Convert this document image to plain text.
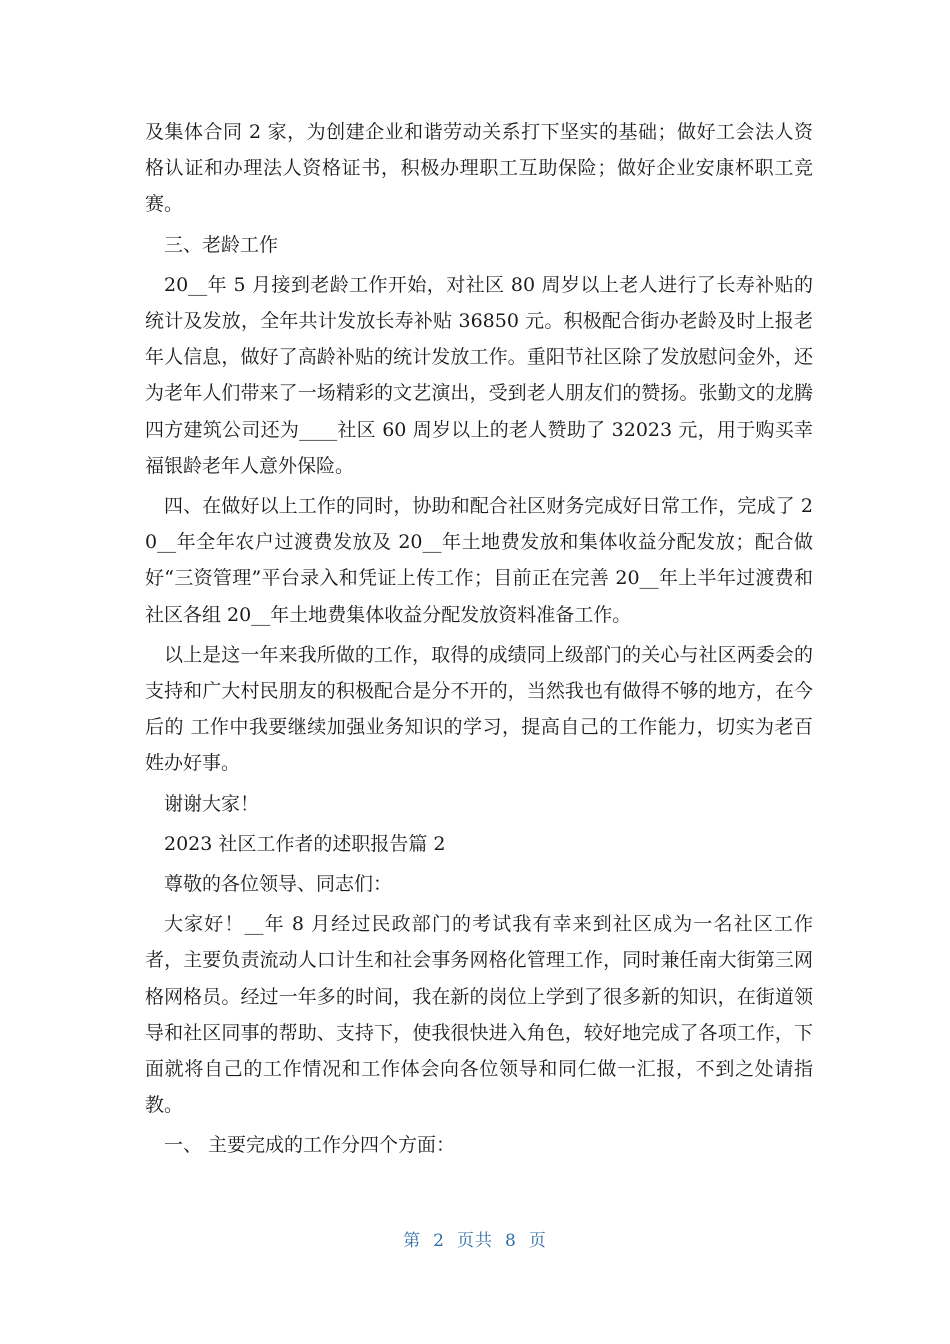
及集体合同 2 家，为创建企业和谐劳动关系打下坚实的基础；做好工会法人资格认证和办理法人资格证书，积极办理职工互助保险；做好企业安康杯职工竞赛。

三、老龄工作

20__年 5 月接到老龄工作开始，对社区 80 周岁以上老人进行了长寿补贴的统计及发放，全年共计发放长寿补贴 36850 元。积极配合街办老龄及时上报老年人信息，做好了高龄补贴的统计发放工作。重阳节社区除了发放慰问金外，还为老年人们带来了一场精彩的文艺演出，受到老人朋友们的赞扬。张勤文的龙腾四方建筑公司还为____社区 60 周岁以上的老人赞助了 32023 元，用于购买幸福银龄老年人意外保险。

四、在做好以上工作的同时，协助和配合社区财务完成好日常工作，完成了 20__年全年农户过渡费发放及 20__年土地费发放和集体收益分配发放；配合做好“三资管理”平台录入和凭证上传工作；目前正在完善 20__年上半年过渡费和社区各组 20__年土地费集体收益分配发放资料准备工作。

以上是这一年来我所做的工作，取得的成绩同上级部门的关心与社区两委会的支持和广大村民朋友的积极配合是分不开的，当然我也有做得不够的地方，在今后的 工作中我要继续加强业务知识的学习，提高自己的工作能力，切实为老百姓办好事。

谢谢大家！

2023 社区工作者的述职报告篇 2

尊敬的各位领导、同志们：

大家好！__年 8 月经过民政部门的考试我有幸来到社区成为一名社区工作者，主要负责流动人口计生和社会事务网格化管理工作，同时兼任南大街第三网格网格员。经过一年多的时间，我在新的岗位上学到了很多新的知识，在街道领导和社区同事的帮助、支持下，使我很快进入角色，较好地完成了各项工作，下面就将自己的工作情况和工作体会向各位领导和同仁做一汇报，不到之处请指教。

一、 主要完成的工作分四个方面：

第 2 页共 8 页
